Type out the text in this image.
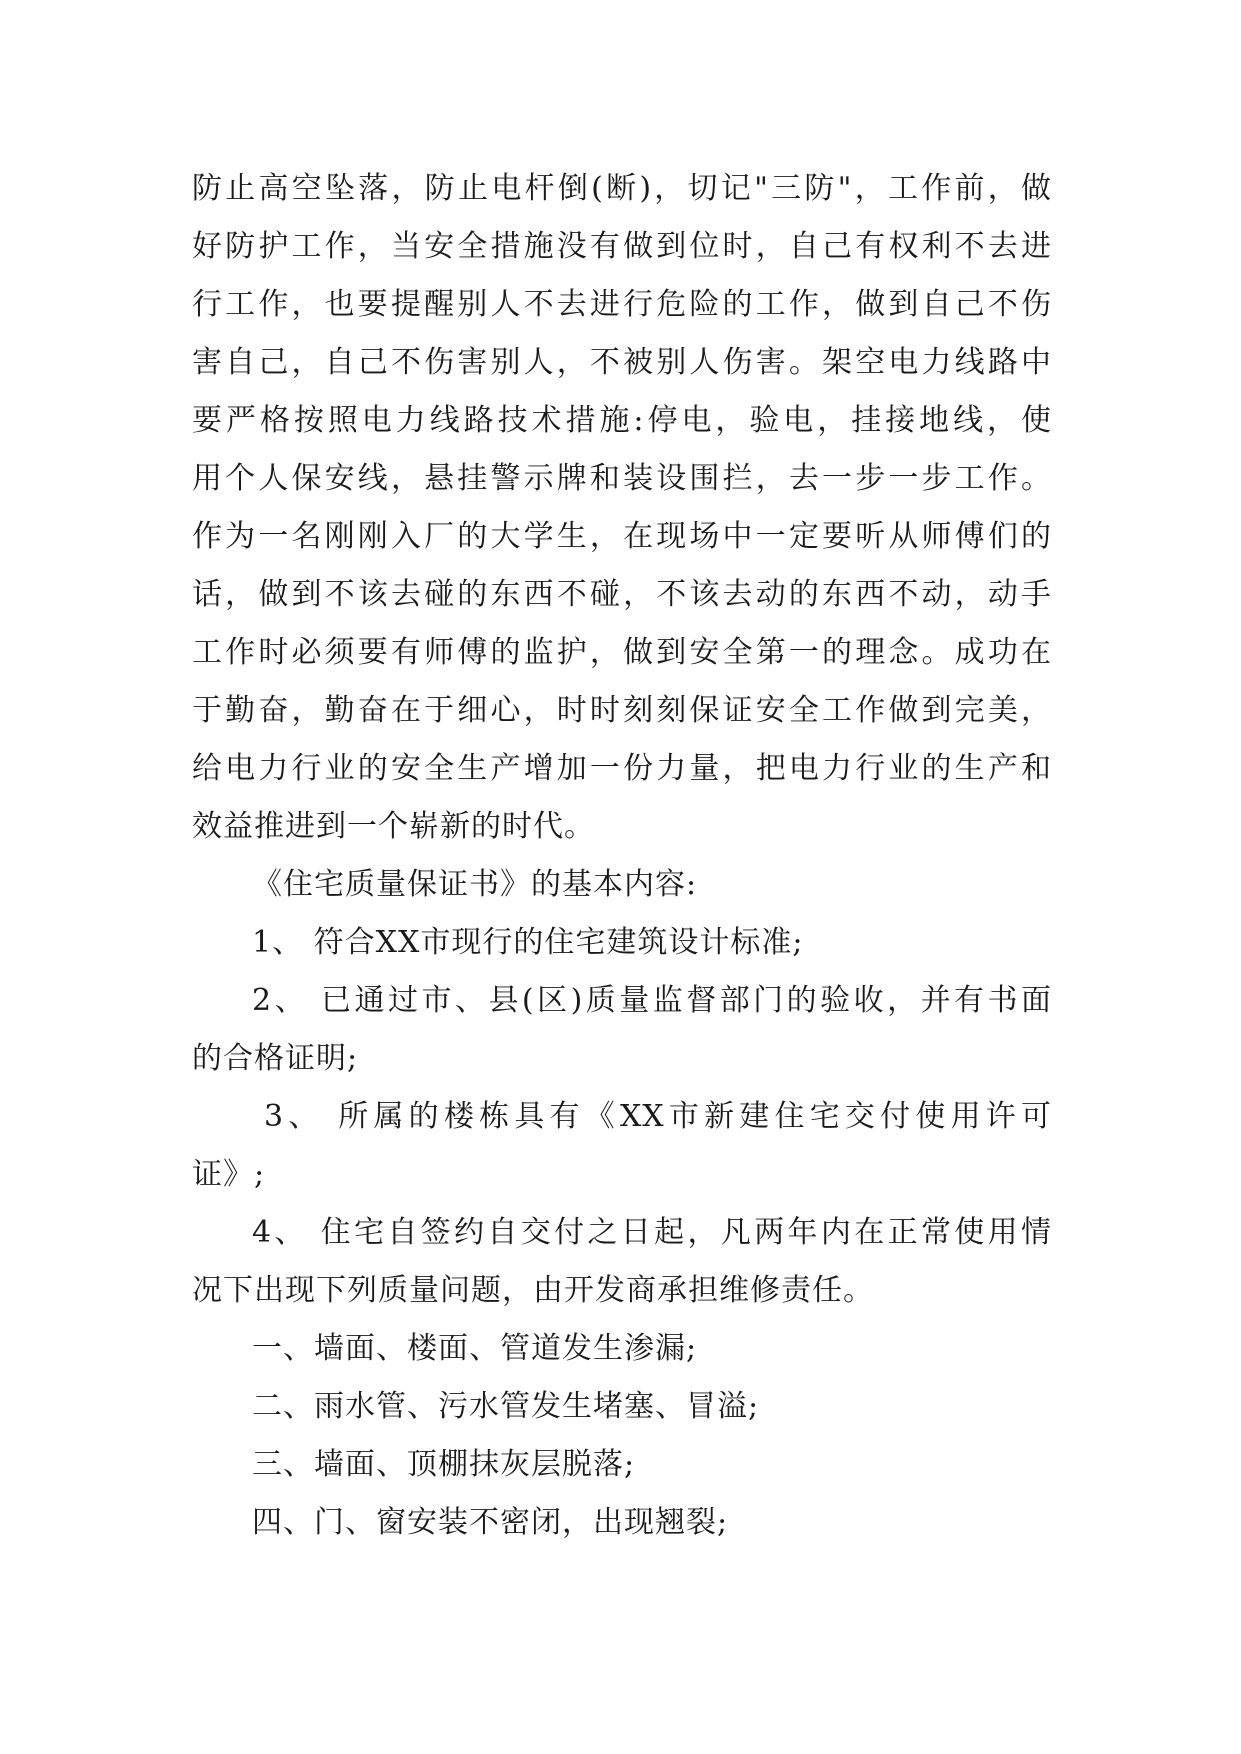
防止高空坠落，防止电杆倒(断)，切记"三防"，工作前，做
好防护工作，当安全措施没有做到位时，自己有权利不去进
行工作，也要提醒别人不去进行危险的工作，做到自己不伤
害自己，自己不伤害别人，不被别人伤害。架空电力线路中
要严格按照电力线路技术措施:停电，验电，挂接地线，使
用个人保安线，悬挂警示牌和装设围拦，去一步一步工作。
作为一名刚刚入厂的大学生，在现场中一定要听从师傅们的
话，做到不该去碰的东西不碰，不该去动的东西不动，动手
工作时必须要有师傅的监护，做到安全第一的理念。成功在
于勤奋，勤奋在于细心，时时刻刻保证安全工作做到完美，
给电力行业的安全生产增加一份力量，把电力行业的生产和
效益推进到一个崭新的时代。
《住宅质量保证书》的基本内容:
1、 符合XX市现行的住宅建筑设计标准;
2、 已通过市、县(区)质量监督部门的验收，并有书面
的合格证明;
3、 所属的楼栋具有《XX市新建住宅交付使用许可
证》;
4、 住宅自签约自交付之日起，凡两年内在正常使用情
况下出现下列质量问题，由开发商承担维修责任。
一、墙面、楼面、管道发生渗漏;
二、雨水管、污水管发生堵塞、冒溢;
三、墙面、顶棚抹灰层脱落;
四、门、窗安装不密闭，出现翘裂;
